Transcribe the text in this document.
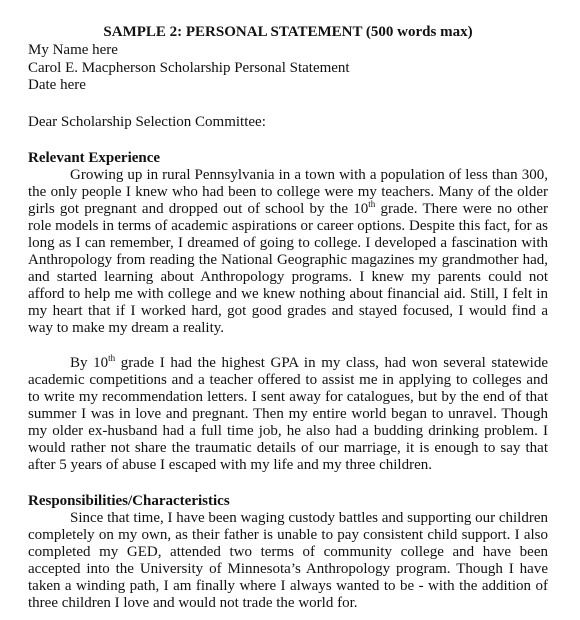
SAMPLE 2: PERSONAL STATEMENT (500 words max)
My Name here
Carol E. Macpherson Scholarship Personal Statement
Date here
Dear Scholarship Selection Committee:
Relevant Experience

Growing up in rural Pennsylvania in a town with a population of less than 300, the only people I knew who had been to college were my teachers. Many of the older girls got pregnant and dropped out of school by the 10th grade. There were no other role models in terms of academic aspirations or career options. Despite this fact, for as long as I can remember, I dreamed of going to college. I developed a fascination with Anthropology from reading the National Geographic magazines my grandmother had, and started learning about Anthropology programs. I knew my parents could not afford to help me with college and we knew nothing about financial aid. Still, I felt in my heart that if I worked hard, got good grades and stayed focused, I would find a way to make my dream a reality.

By 10th grade I had the highest GPA in my class, had won several statewide academic competitions and a teacher offered to assist me in applying to colleges and to write my recommendation letters. I sent away for catalogues, but by the end of that summer I was in love and pregnant. Then my entire world began to unravel. Though my older ex-husband had a full time job, he also had a budding drinking problem. I would rather not share the traumatic details of our marriage, it is enough to say that after 5 years of abuse I escaped with my life and my three children.

Responsibilities/Characteristics

Since that time, I have been waging custody battles and supporting our children completely on my own, as their father is unable to pay consistent child support. I also completed my GED, attended two terms of community college and have been accepted into the University of Minnesota’s Anthropology program. Though I have taken a winding path, I am finally where I always wanted to be - with the addition of three children I love and would not trade the world for.
